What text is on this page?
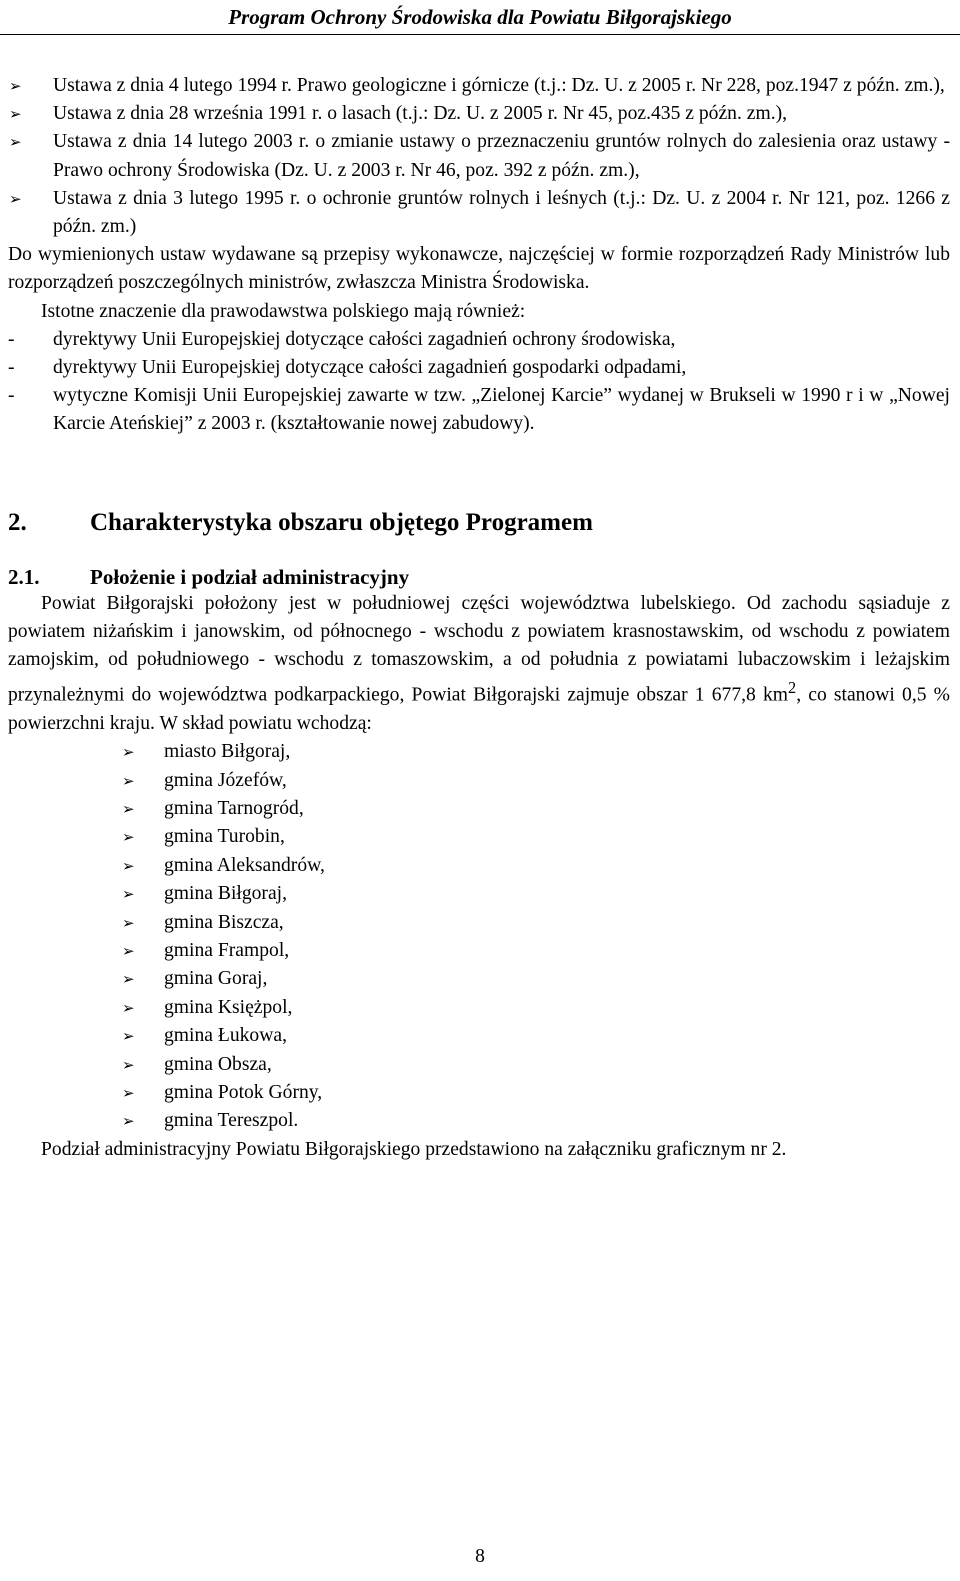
Program Ochrony Środowiska dla Powiatu Biłgorajskiego
➢ Ustawa z dnia 4 lutego 1994 r. Prawo geologiczne i górnicze (t.j.: Dz. U. z 2005 r. Nr 228, poz.1947 z późn. zm.),
➢ Ustawa z dnia 28 września 1991 r. o lasach (t.j.: Dz. U. z 2005 r. Nr 45, poz.435 z późn. zm.),
➢ Ustawa z dnia 14 lutego 2003 r. o zmianie ustawy o przeznaczeniu gruntów rolnych do zalesienia oraz ustawy - Prawo ochrony Środowiska (Dz. U. z 2003 r. Nr 46, poz. 392 z późn. zm.),
➢ Ustawa z dnia 3 lutego 1995 r. o ochronie gruntów rolnych i leśnych (t.j.: Dz. U. z 2004 r. Nr 121, poz. 1266 z późn. zm.)

Do wymienionych ustaw wydawane są przepisy wykonawcze, najczęściej w formie rozporządzeń Rady Ministrów lub rozporządzeń poszczególnych ministrów, zwłaszcza Ministra Środowiska.

Istotne znaczenie dla prawodawstwa polskiego mają również:

- dyrektywy Unii Europejskiej dotyczące całości zagadnień ochrony środowiska,
- dyrektywy Unii Europejskiej dotyczące całości zagadnień gospodarki odpadami,
- wytyczne Komisji Unii Europejskiej zawarte w tzw. „Zielonej Karcie” wydanej w Brukseli w 1990 r i w „Nowej Karcie Ateńskiej” z 2003 r. (kształtowanie nowej zabudowy).
2.	Charakterystyka obszaru objętego Programem
2.1. Położenie i podział administracyjny

Powiat Biłgorajski położony jest w południowej części województwa lubelskiego. Od zachodu sąsiaduje z powiatem niżańskim i janowskim, od północnego - wschodu z powiatem krasnostawskim, od wschodu z powiatem zamojskim, od południowego - wschodu z tomaszowskim, a od południa z powiatami lubaczowskim i leżajskim przynależnymi do województwa podkarpackiego, Powiat Biłgorajski zajmuje obszar 1 677,8 $km^2$, co stanowi 0,5 % powierzchni kraju. W skład powiatu wchodzą:

➢ miasto Biłgoraj,
➢ gmina Józefów,
➢ gmina Tarnogród,
➢ gmina Turobin,
➢ gmina Aleksandrów,
➢ gmina Biłgoraj,
➢ gmina Biszcza,
➢ gmina Frampol,
➢ gmina Goraj,
➢ gmina Księżpol,
➢ gmina Łukowa,
➢ gmina Obsza,
➢ gmina Potok Górny,
➢ gmina Tereszpol.

Podział administracyjny Powiatu Biłgorajskiego przedstawiono na załączniku graficznym nr 2.

8
